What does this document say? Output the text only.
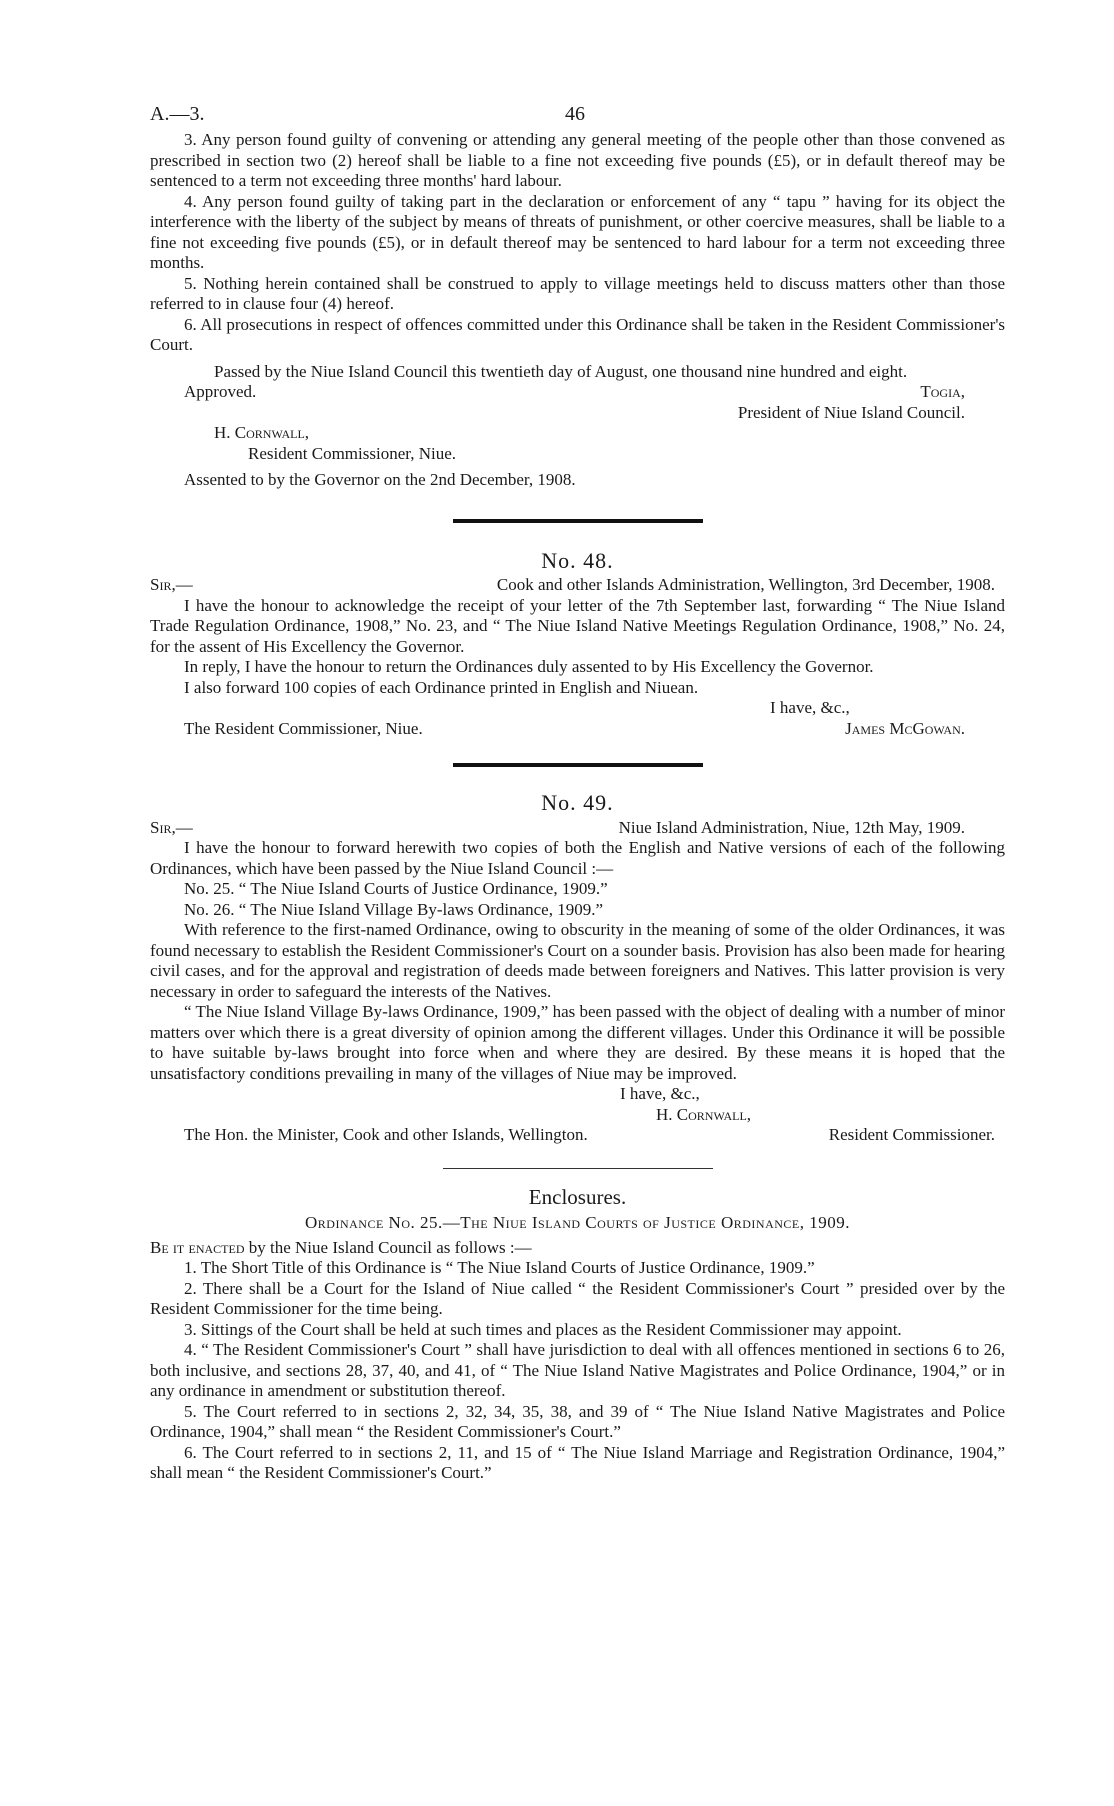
A.—3.	46

3. Any person found guilty of convening or attending any general meeting of the people other than those convened as prescribed in section two (2) hereof shall be liable to a fine not exceeding five pounds (£5), or in default thereof may be sentenced to a term not exceeding three months' hard labour.

4. Any person found guilty of taking part in the declaration or enforcement of any “ tapu ” having for its object the interference with the liberty of the subject by means of threats of punishment, or other coercive measures, shall be liable to a fine not exceeding five pounds (£5), or in default thereof may be sentenced to hard labour for a term not exceeding three months.

5. Nothing herein contained shall be construed to apply to village meetings held to discuss matters other than those referred to in clause four (4) hereof.

6. All prosecutions in respect of offences committed under this Ordinance shall be taken in the Resident Commissioner's Court.

Passed by the Niue Island Council this twentieth day of August, one thousand nine hundred and eight.

Approved.	Togia,
President of Niue Island Council.
H. Cornwall,
Resident Commissioner, Niue.

Assented to by the Governor on the 2nd December, 1908.

No. 48.
Sir,—	Cook and other Islands Administration, Wellington, 3rd December, 1908.

I have the honour to acknowledge the receipt of your letter of the 7th September last, forwarding “ The Niue Island Trade Regulation Ordinance, 1908,” No. 23, and “ The Niue Island Native Meetings Regulation Ordinance, 1908,” No. 24, for the assent of His Excellency the Governor.

In reply, I have the honour to return the Ordinances duly assented to by His Excellency the Governor.

I also forward 100 copies of each Ordinance printed in English and Niuean.

I have, &c.,
The Resident Commissioner, Niue.	James McGowan.
No. 49.
Sir,—	Niue Island Administration, Niue, 12th May, 1909.

I have the honour to forward herewith two copies of both the English and Native versions of each of the following Ordinances, which have been passed by the Niue Island Council :—

No. 25. “ The Niue Island Courts of Justice Ordinance, 1909.”

No. 26. “ The Niue Island Village By-laws Ordinance, 1909.”

With reference to the first-named Ordinance, owing to obscurity in the meaning of some of the older Ordinances, it was found necessary to establish the Resident Commissioner's Court on a sounder basis. Provision has also been made for hearing civil cases, and for the approval and registration of deeds made between foreigners and Natives. This latter provision is very necessary in order to safeguard the interests of the Natives.

“ The Niue Island Village By-laws Ordinance, 1909,” has been passed with the object of dealing with a number of minor matters over which there is a great diversity of opinion among the different villages. Under this Ordinance it will be possible to have suitable by-laws brought into force when and where they are desired. By these means it is hoped that the unsatisfactory conditions prevailing in many of the villages of Niue may be improved.

I have, &c.,
H. Cornwall,
The Hon. the Minister, Cook and other Islands, Wellington.	Resident Commissioner.
Enclosures.
Ordinance No. 25.—The Niue Island Courts of Justice Ordinance, 1909.

Be it enacted by the Niue Island Council as follows :—

1. The Short Title of this Ordinance is “ The Niue Island Courts of Justice Ordinance, 1909.”

2. There shall be a Court for the Island of Niue called “ the Resident Commissioner's Court ” presided over by the Resident Commissioner for the time being.

3. Sittings of the Court shall be held at such times and places as the Resident Commissioner may appoint.

4. “ The Resident Commissioner's Court ” shall have jurisdiction to deal with all offences mentioned in sections 6 to 26, both inclusive, and sections 28, 37, 40, and 41, of “ The Niue Island Native Magistrates and Police Ordinance, 1904,” or in any ordinance in amendment or substitution thereof.

5. The Court referred to in sections 2, 32, 34, 35, 38, and 39 of “ The Niue Island Native Magistrates and Police Ordinance, 1904,” shall mean “ the Resident Commissioner's Court.”

6. The Court referred to in sections 2, 11, and 15 of “ The Niue Island Marriage and Registration Ordinance, 1904,” shall mean “ the Resident Commissioner's Court.”
